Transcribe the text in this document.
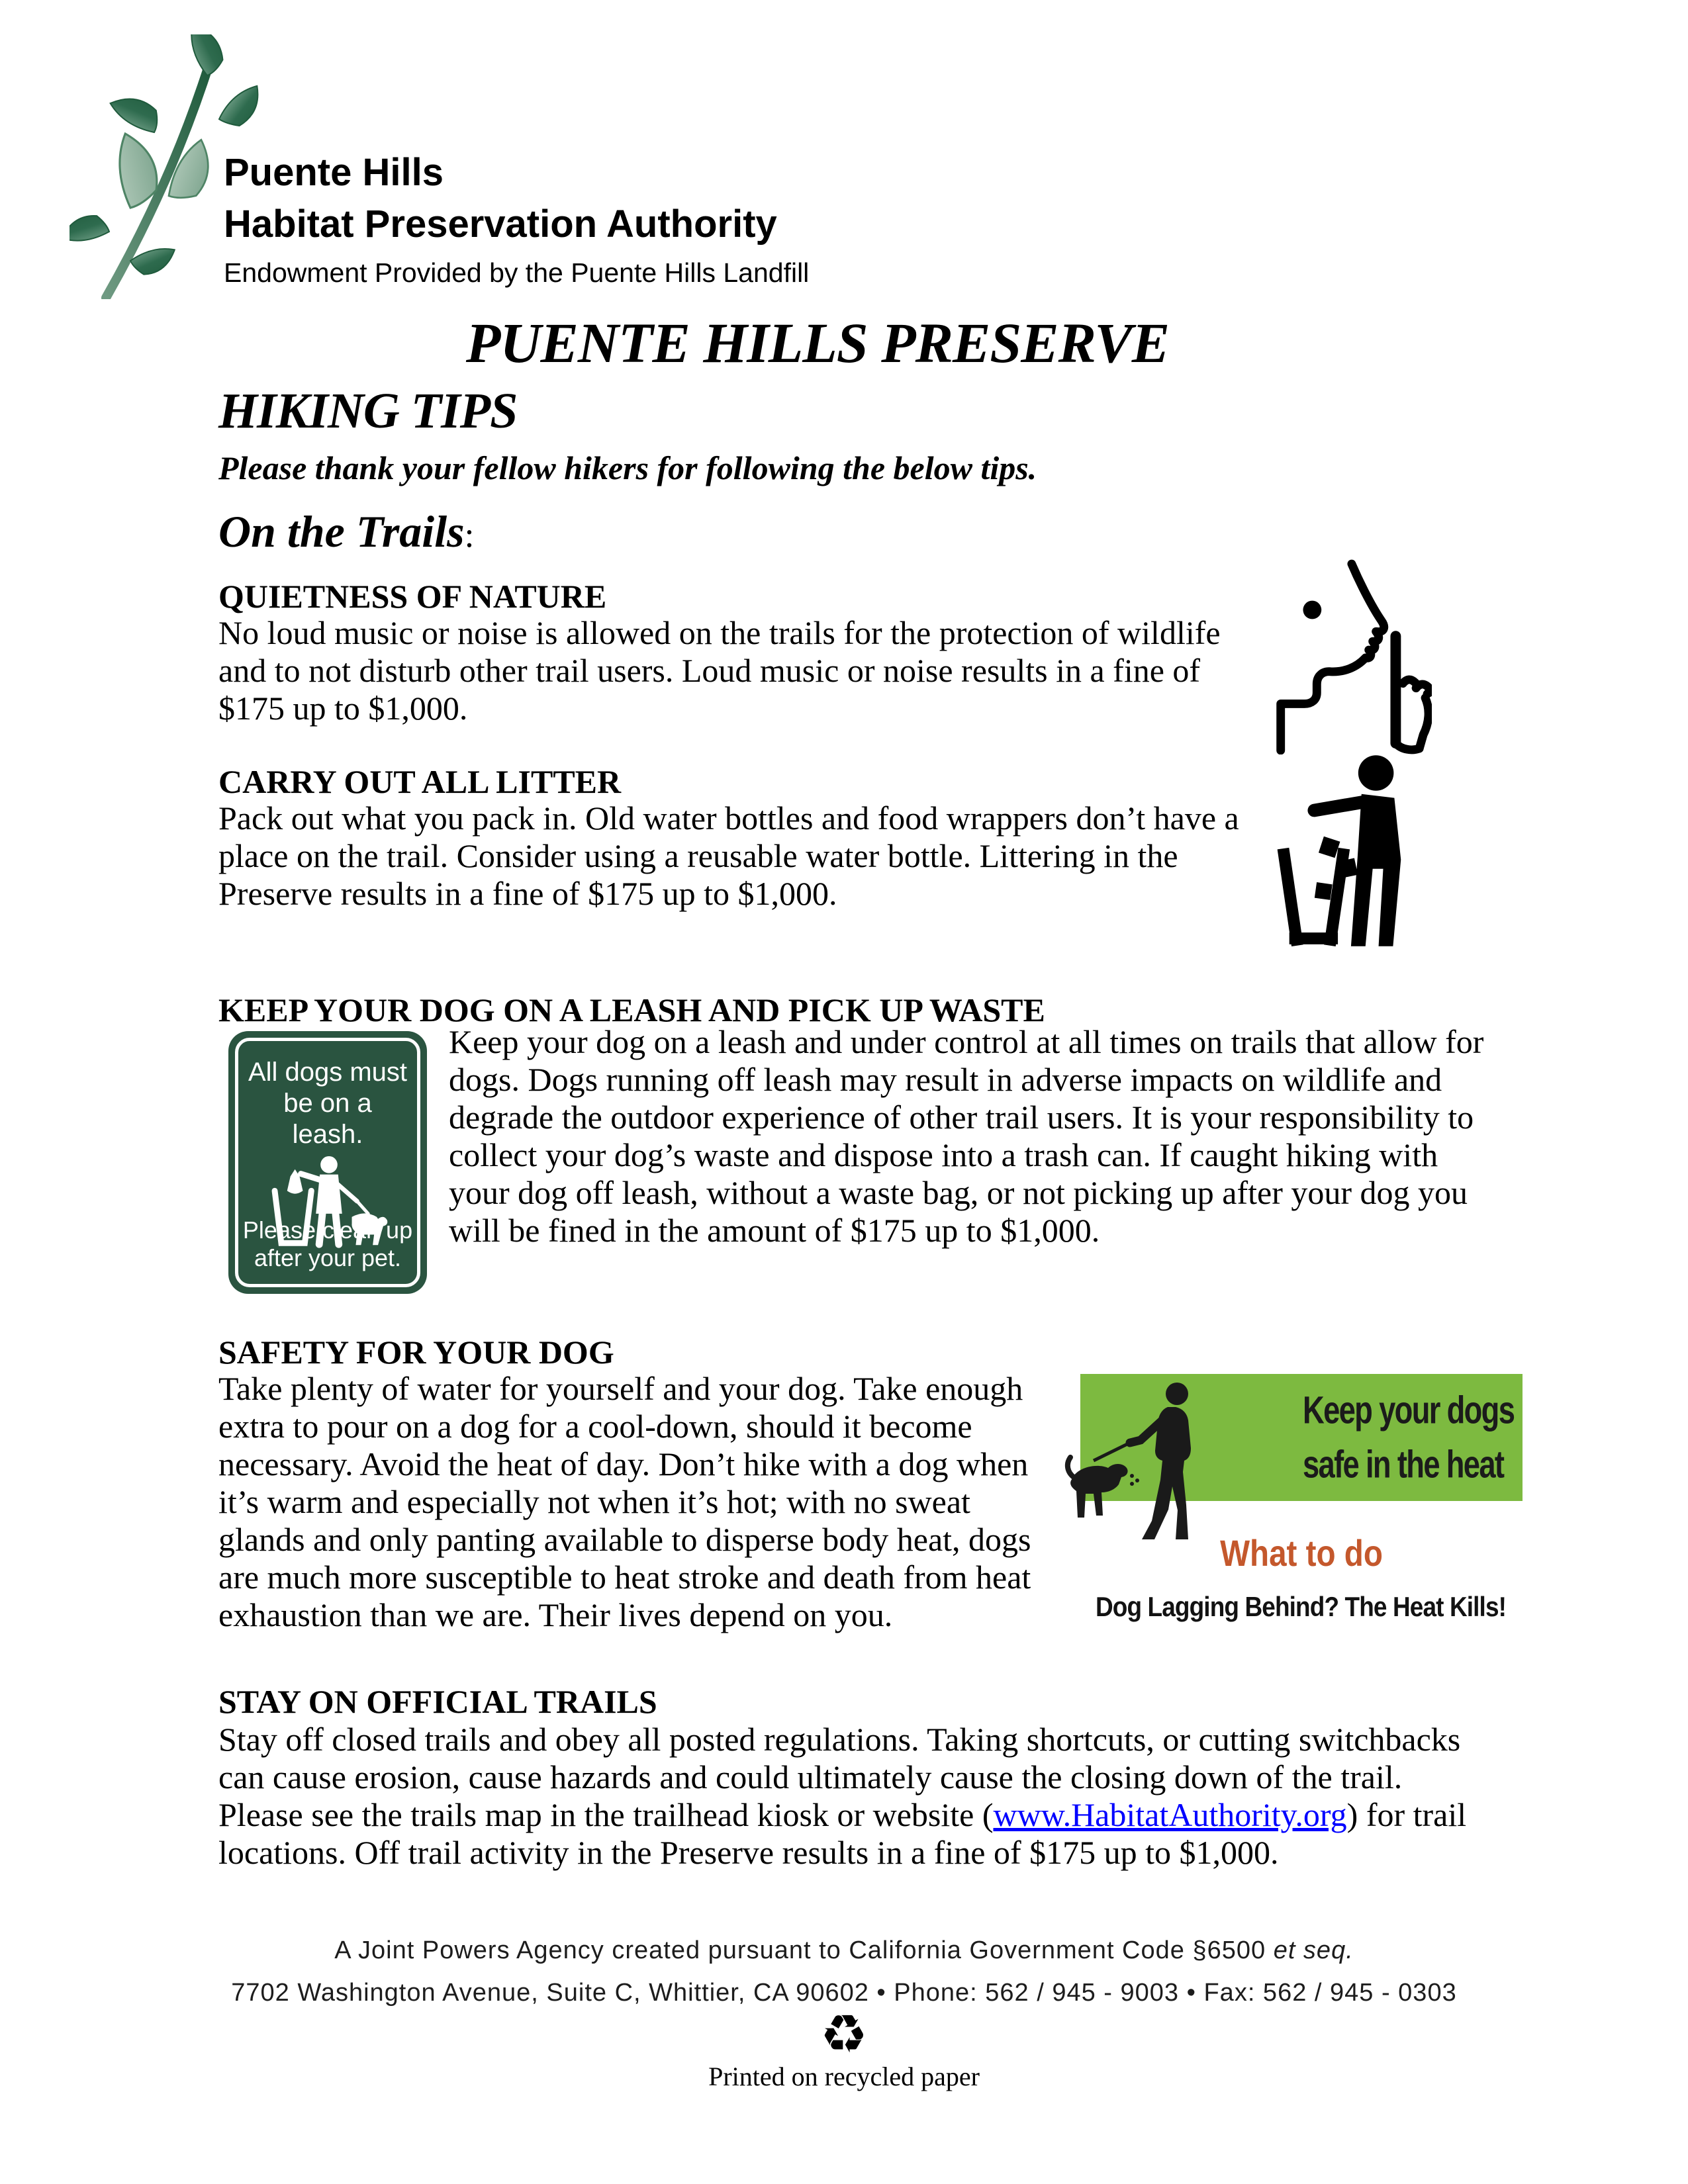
Puente Hills
Habitat Preservation Authority
Endowment Provided by the Puente Hills Landfill
PUENTE HILLS PRESERVE
HIKING TIPS
Please thank your fellow hikers for following the below tips.
On the Trails:
QUIETNESS OF NATURE
No loud music or noise is allowed on the trails for the protection of wildlife and to not disturb other trail users. Loud music or noise results in a fine of $175 up to $1,000.
CARRY OUT ALL LITTER
Pack out what you pack in. Old water bottles and food wrappers don’t have a place on the trail. Consider using a reusable water bottle. Littering in the Preserve results in a fine of $175 up to $1,000.
KEEP YOUR DOG ON A LEASH AND PICK UP WASTE
All dogs must be on a leash.
Please clean up after your pet.
Keep your dog on a leash and under control at all times on trails that allow for dogs. Dogs running off leash may result in adverse impacts on wildlife and degrade the outdoor experience of other trail users. It is your responsibility to collect your dog’s waste and dispose into a trash can. If caught hiking with your dog off leash, without a waste bag, or not picking up after your dog you will be fined in the amount of $175 up to $1,000.
SAFETY FOR YOUR DOG
Take plenty of water for yourself and your dog. Take enough extra to pour on a dog for a cool-down, should it become necessary. Avoid the heat of day. Don’t hike with a dog when it’s warm and especially not when it’s hot; with no sweat glands and only panting available to disperse body heat, dogs are much more susceptible to heat stroke and death from heat exhaustion than we are. Their lives depend on you.
Keep your dogs
safe in the heat
What to do
Dog Lagging Behind? The Heat Kills!
STAY ON OFFICIAL TRAILS
Stay off closed trails and obey all posted regulations. Taking shortcuts, or cutting switchbacks can cause erosion, cause hazards and could ultimately cause the closing down of the trail. Please see the trails map in the trailhead kiosk or website (www.HabitatAuthority.org) for trail locations. Off trail activity in the Preserve results in a fine of $175 up to $1,000.
A Joint Powers Agency created pursuant to California Government Code §6500 et seq.
7702 Washington Avenue, Suite C, Whittier, CA 90602 • Phone: 562 / 945 - 9003 • Fax: 562 / 945 - 0303
♻
Printed on recycled paper
